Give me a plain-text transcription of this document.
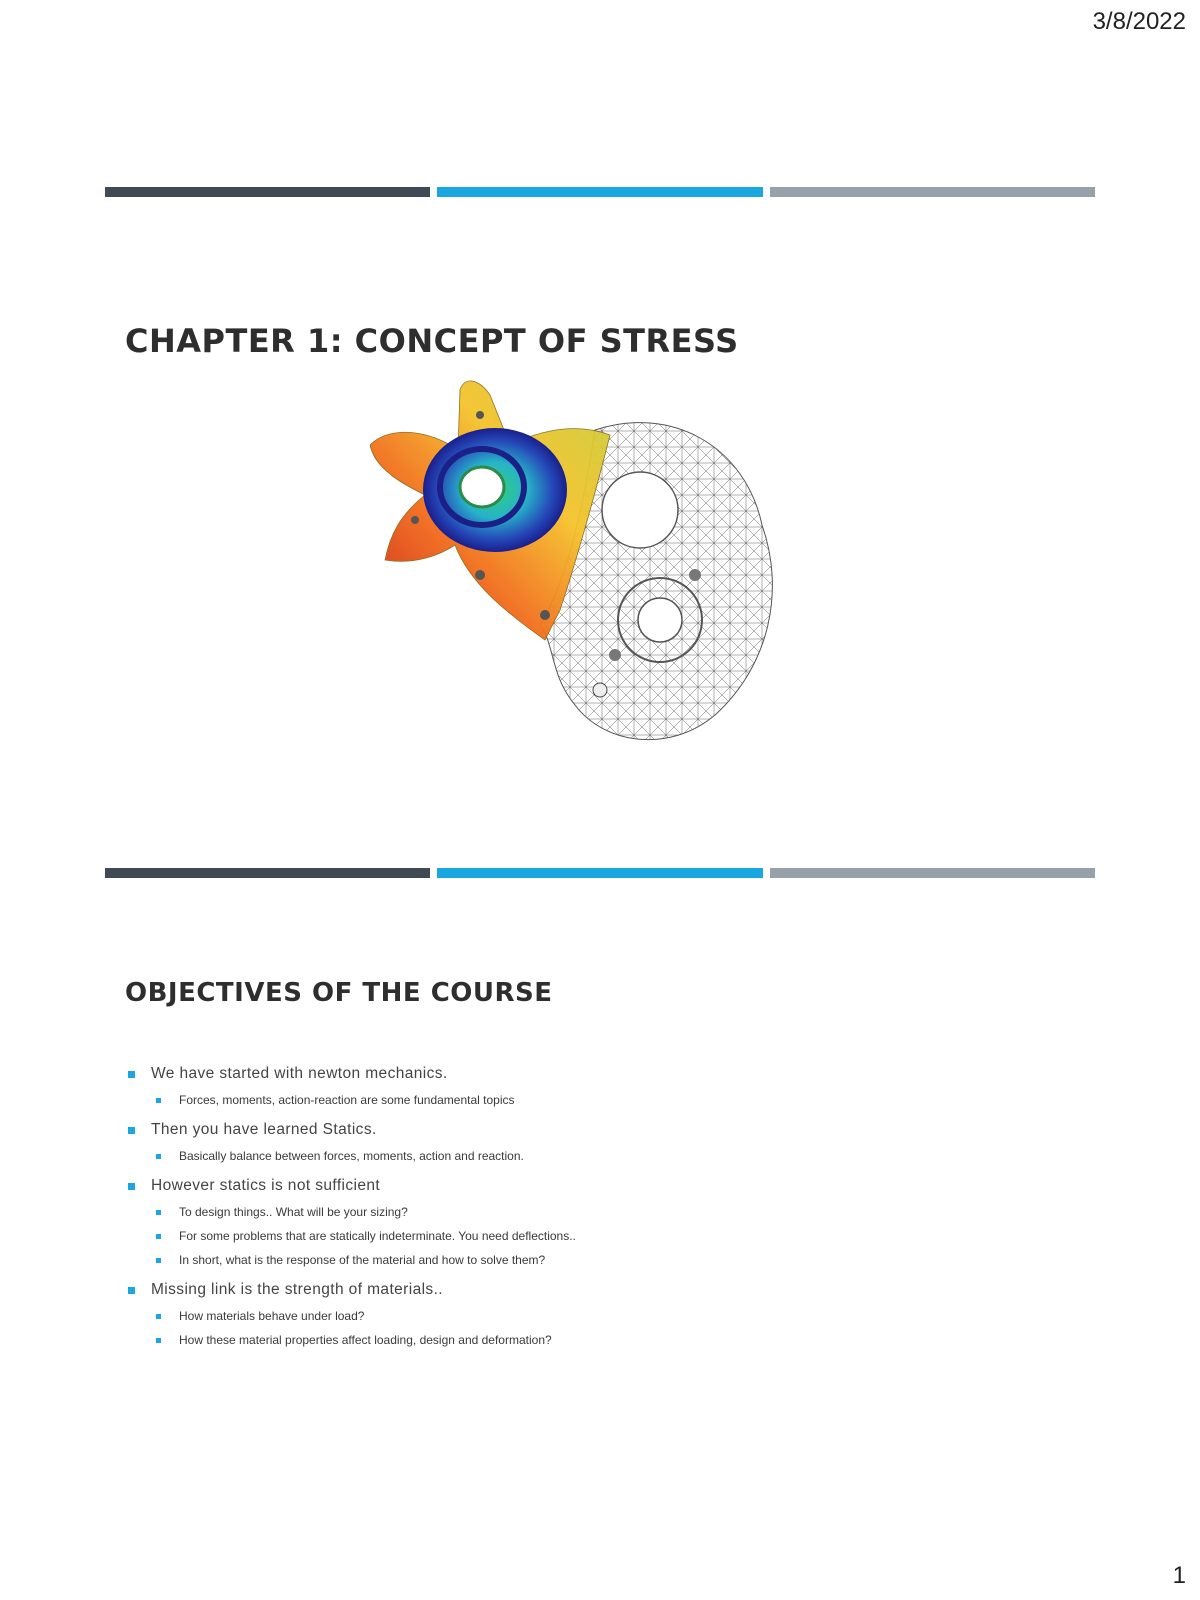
3/8/2022
CHAPTER 1: CONCEPT OF STRESS
OBJECTIVES OF THE COURSE
We have started with newton mechanics.
Forces, moments, action-reaction are some fundamental topics
Then you have learned Statics.
Basically balance between forces, moments, action and reaction.
However statics is not sufficient
To design things.. What will be your sizing?
For some problems that are statically indeterminate. You need deflections..
In short, what is the response of the material and how to solve them?
Missing link is the strength of materials..
How materials behave under load?
How these material properties affect loading, design and deformation?
1
